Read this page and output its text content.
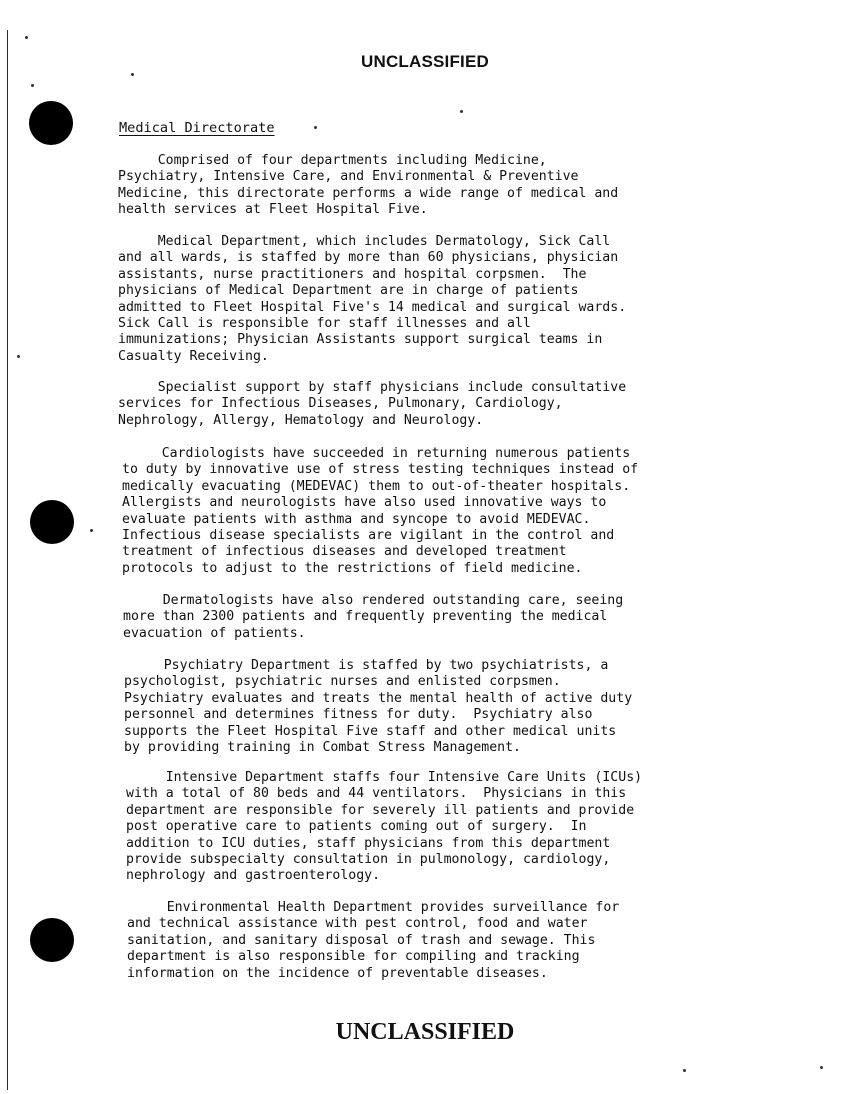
UNCLASSIFIED
Medical Directorate
Comprised of four departments including Medicine,
Psychiatry, Intensive Care, and Environmental & Preventive
Medicine, this directorate performs a wide range of medical and
health services at Fleet Hospital Five.
Medical Department, which includes Dermatology, Sick Call
and all wards, is staffed by more than 60 physicians, physician
assistants, nurse practitioners and hospital corpsmen.  The
physicians of Medical Department are in charge of patients
admitted to Fleet Hospital Five's 14 medical and surgical wards.
Sick Call is responsible for staff illnesses and all
immunizations; Physician Assistants support surgical teams in
Casualty Receiving.
Specialist support by staff physicians include consultative
services for Infectious Diseases, Pulmonary, Cardiology,
Nephrology, Allergy, Hematology and Neurology.
Cardiologists have succeeded in returning numerous patients
to duty by innovative use of stress testing techniques instead of
medically evacuating (MEDEVAC) them to out-of-theater hospitals.
Allergists and neurologists have also used innovative ways to
evaluate patients with asthma and syncope to avoid MEDEVAC.
Infectious disease specialists are vigilant in the control and
treatment of infectious diseases and developed treatment
protocols to adjust to the restrictions of field medicine.
Dermatologists have also rendered outstanding care, seeing
more than 2300 patients and frequently preventing the medical
evacuation of patients.
Psychiatry Department is staffed by two psychiatrists, a
psychologist, psychiatric nurses and enlisted corpsmen.
Psychiatry evaluates and treats the mental health of active duty
personnel and determines fitness for duty.  Psychiatry also
supports the Fleet Hospital Five staff and other medical units
by providing training in Combat Stress Management.
Intensive Department staffs four Intensive Care Units (ICUs)
with a total of 80 beds and 44 ventilators.  Physicians in this
department are responsible for severely ill patients and provide
post operative care to patients coming out of surgery.  In
addition to ICU duties, staff physicians from this department
provide subspecialty consultation in pulmonology, cardiology,
nephrology and gastroenterology.
Environmental Health Department provides surveillance for
and technical assistance with pest control, food and water
sanitation, and sanitary disposal of trash and sewage. This
department is also responsible for compiling and tracking
information on the incidence of preventable diseases.
UNCLASSIFIED
